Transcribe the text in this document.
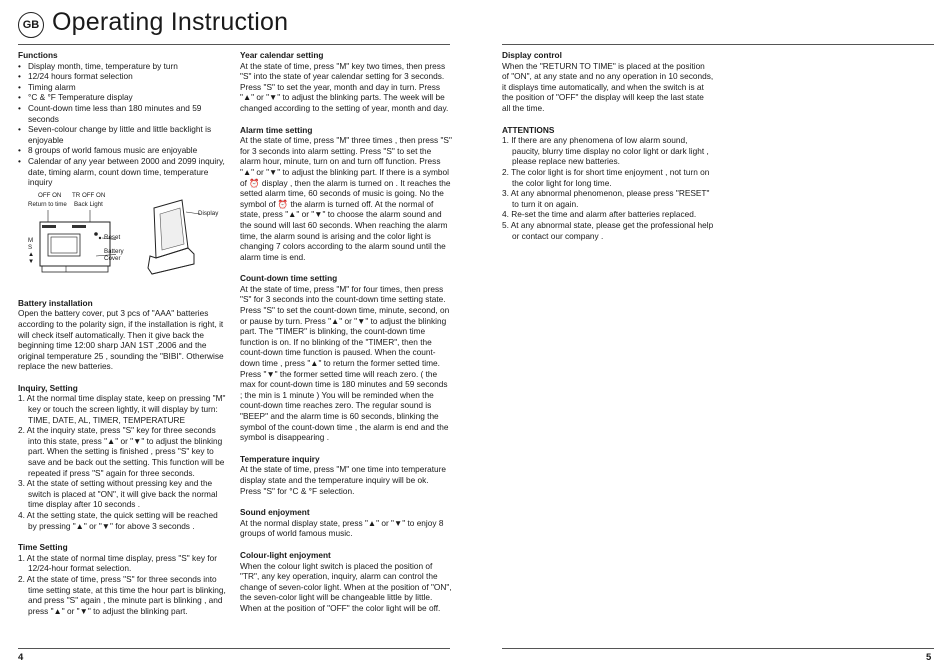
GB Operating Instruction
Functions
• Display month, time, temperature by turn
• 12/24 hours format selection
• Timing alarm
• °C & °F Temperature display
• Count-down time less than 180 minutes and 59 seconds
• Seven-colour change by little and little backlight is enjoyable
• 8 groups of world famous music are enjoyable
• Calendar of any year between 2000 and 2099 inquiry, date, timing alarm, count down time, temperature inquiry
OFF ON
Return to time
TR OFF ON
Back Light
M
S
▲
▼
Reset
Battery
Cover
Display
Battery installation

Open the battery cover, put 3 pcs of "AAA" batteries according to the polarity sign, if the installation is right, it will check itself automatically. Then it give back the beginning time 12:00 sharp JAN 1ST ,2006 and the original temperature 25 , sounding the "BIBI". Otherwise replace the new batteries.

Inquiry, Setting
1. At the normal time display state, keep on pressing "M" key or touch the screen lightly, it will display by turn: TIME, DATE, AL, TIMER, TEMPERATURE
2. At the inquiry state, press "S" key for three seconds into this state, press "▲" or "▼" to adjust the blinking part. When the setting is finished , press "S" key to save and be back out the setting. This function will be repeated if press "S" again for three seconds.
3. At the state of setting without pressing key and the switch is placed at "ON", it will give back the normal time display after 10 seconds .
4. At the setting state, the quick setting will be reached by pressing "▲" or "▼" for above 3 seconds .
Time Setting
1. At the state of normal time display, press "S" key for 12/24-hour format selection.
2. At the state of time, press "S" for three seconds into time setting state, at this time the hour part is blinking, and press "S" again , the minute part is blinking , and press "▲" or "▼" to adjust the blinking part.
Year calendar setting

At the state of time, press "M" key two times, then press "S" into the state of year calendar setting for 3 seconds. Press "S" to set the year, month and day in turn. Press "▲" or "▼" to adjust the blinking parts. The week will be changed according to the setting of year, month and day.

Alarm time setting

At the state of time, press "M" three times , then press "S" for 3 seconds into alarm setting. Press "S" to set the alarm hour, minute, turn on and turn off function. Press "▲" or "▼" to adjust the blinking part. If there is a symbol of ⏰ display , then the alarm is turned on . It reaches the setted alarm time, 60 seconds of music is going. No the symbol of ⏰ the alarm is turned off. At the normal of state, press "▲" or "▼" to choose the alarm sound and the sound will last 60 seconds. When reaching the alarm time, the alarm sound is arising and the color light is changing 7 colors according to the alarm sound until the alarm time is end.

Count-down time setting

At the state of time, press "M" for four times, then press "S" for 3 seconds into the count-down time setting state. Press "S" to set the count-down time, minute, second, on or pause by turn. Press "▲" or "▼" to adjust the blinking part. The "TIMER" is blinking, the count-down time function is on. If no blinking of the "TIMER", then the count-down time function is paused. When the count-down time , press "▲" to return the former setted time. Press "▼" the former setted time will reach zero. ( the max for count-down time is 180 minutes and 59 seconds ; the min is 1 minute ) You will be reminded when the count-down time reaches zero. The regular sound is "BEEP" and the alarm time is 60 seconds, blinking the symbol of the count-down time , the alarm is end and the symbol is disappearing .

Temperature inquiry

At the state of time, press "M" one time into temperature display state and the temperature inquiry will be ok. Press "S" for °C & °F selection.

Sound enjoyment

At the normal display state, press "▲" or "▼" to enjoy 8 groups of world famous music.

Colour-light enjoyment

When the colour light switch is placed the position of "TR", any key operation, inquiry, alarm can control the change of seven-color light. When at the position of "ON", the seven-color light will be changeable little by little. When at the position of "OFF" the color light will be off.

Display control

When the "RETURN TO TIME" is placed at the position of "ON", at any state and no any operation in 10 seconds, it displays time automatically, and when the switch is at the position of "OFF" the display will keep the last state all the time.

ATTENTIONS
1. If there are any phenomena of low alarm sound, paucity, blurry time display no color light or dark light , please replace new batteries.
2. The color light is for short time enjoyment , not turn on the color light for long time.
3. At any abnormal phenomenon, please press "RESET" to turn it on again.
4. Re-set the time and alarm after batteries replaced.
5. At any abnormal state, please get the professional help or contact our company .
4	5
